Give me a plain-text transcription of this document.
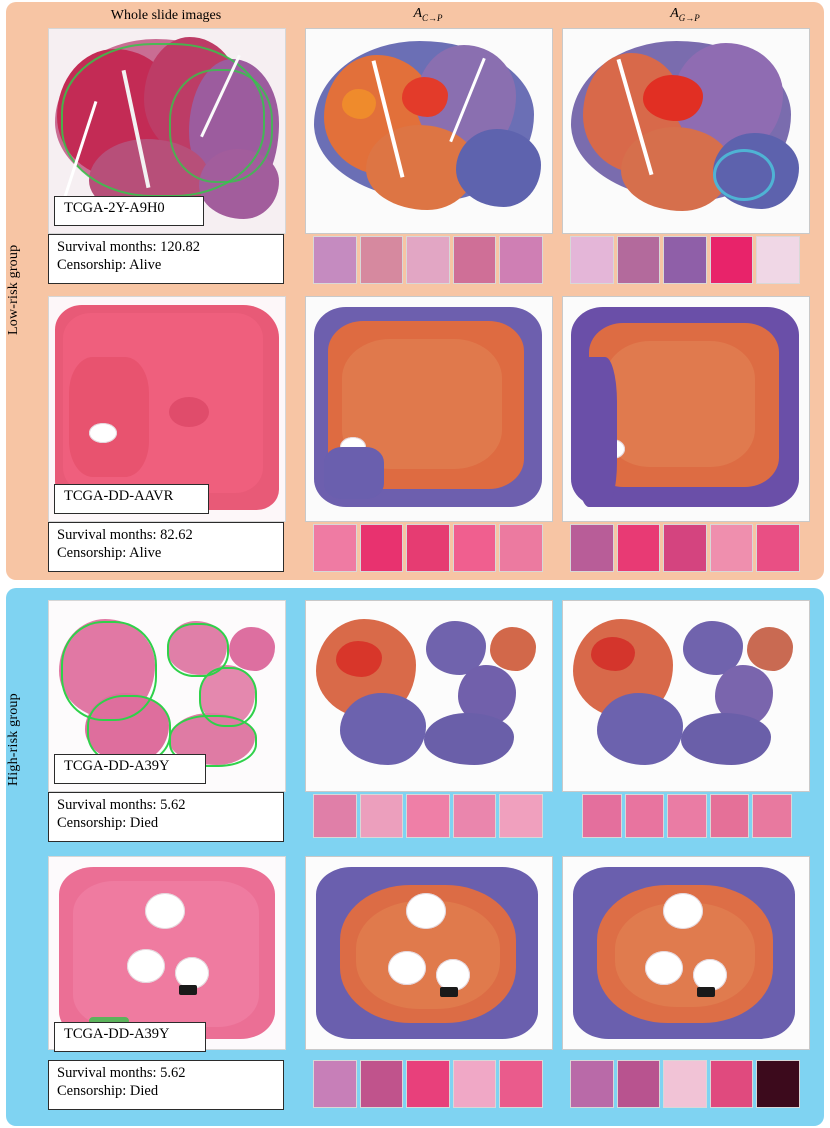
Low-risk group
High-risk group
Whole slide images	$A_{C\to P}$	$A_{G\to P}$
TCGA-2Y-A9H0
Survival months: 120.82
Censorship: Alive
TCGA-DD-AAVR
Survival months: 82.62
Censorship: Alive
TCGA-DD-A39Y
Survival months: 5.62
Censorship: Died
TCGA-DD-A39Y
Survival months: 5.62
Censorship: Died
